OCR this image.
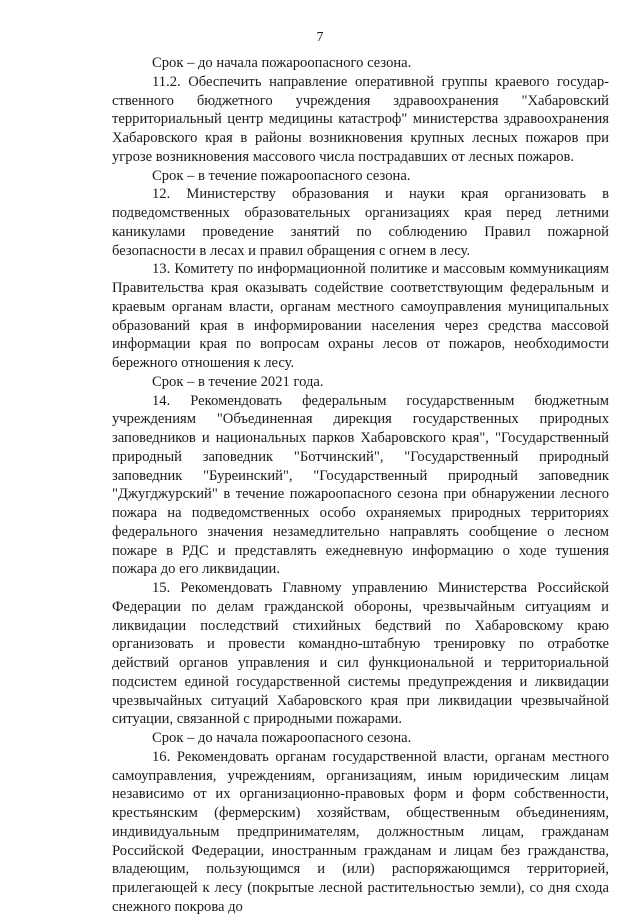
7

Срок – до начала пожароопасного сезона.

11.2. Обеспечить направление оперативной группы краевого государственного бюджетного учреждения здравоохранения "Хабаровский территориальный центр медицины катастроф" министерства здравоохранения Хабаровского края в районы возникновения крупных лесных пожаров при угрозе возникновения массового числа пострадавших от лесных пожаров.

Срок – в течение пожароопасного сезона.

12. Министерству образования и науки края организовать в подведомственных образовательных организациях края перед летними каникулами проведение занятий по соблюдению Правил пожарной безопасности в лесах и правил обращения с огнем в лесу.

13. Комитету по информационной политике и массовым коммуникациям Правительства края оказывать содействие соответствующим федеральным и краевым органам власти, органам местного самоуправления муниципальных образований края в информировании населения через средства массовой информации края по вопросам охраны лесов от пожаров, необходимости бережного отношения к лесу.

Срок – в течение 2021 года.

14. Рекомендовать федеральным государственным бюджетным учреждениям "Объединенная дирекция государственных природных заповедников и национальных парков Хабаровского края", "Государственный природный заповедник "Ботчинский", "Государственный природный заповедник "Буреинский", "Государственный природный заповедник "Джугджурский" в течение пожароопасного сезона при обнаружении лесного пожара на подведомственных особо охраняемых природных территориях федерального значения незамедлительно направлять сообщение о лесном пожаре в РДС и представлять ежедневную информацию о ходе тушения пожара до его ликвидации.

15. Рекомендовать Главному управлению Министерства Российской Федерации по делам гражданской обороны, чрезвычайным ситуациям и ликвидации последствий стихийных бедствий по Хабаровскому краю организовать и провести командно-штабную тренировку по отработке действий органов управления и сил функциональной и территориальной подсистем единой государственной системы предупреждения и ликвидации чрезвычайных ситуаций Хабаровского края при ликвидации чрезвычайной ситуации, связанной с природными пожарами.

Срок – до начала пожароопасного сезона.

16. Рекомендовать органам государственной власти, органам местного самоуправления, учреждениям, организациям, иным юридическим лицам независимо от их организационно-правовых форм и форм собственности, крестьянским (фермерским) хозяйствам, общественным объединениям, индивидуальным предпринимателям, должностным лицам, гражданам Российской Федерации, иностранным гражданам и лицам без гражданства, владеющим, пользующимся и (или) распоряжающимся территорией, прилегающей к лесу (покрытые лесной растительностью земли), со дня схода снежного покрова до
